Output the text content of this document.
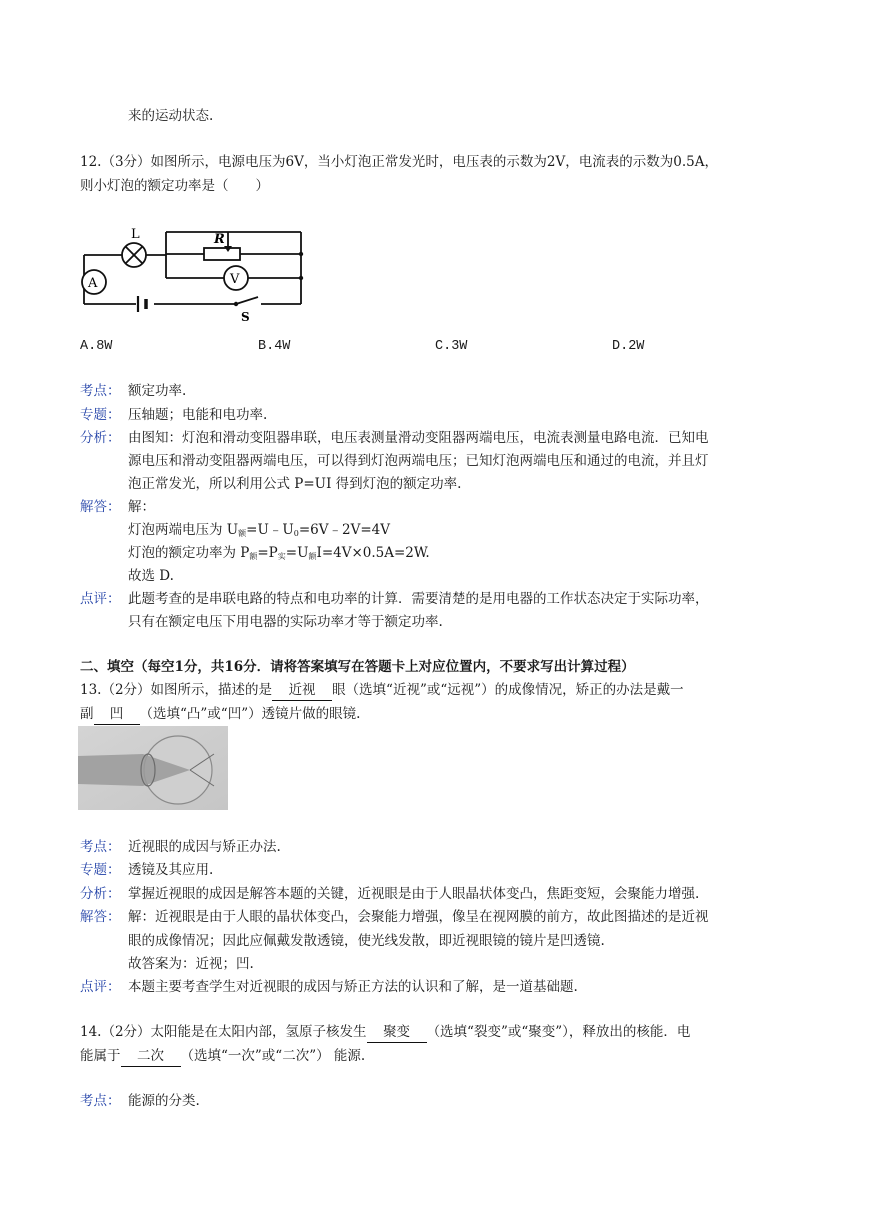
来的运动状态.
12.（3分）如图所示，电源电压为6V，当小灯泡正常发光时，电压表的示数为2V，电流表的示数为0.5A，
则小灯泡的额定功率是（　　）
A
L	R
V
S
A.8W	B.4W	C.3W	D.2W
考点： 额定功率.
专题： 压轴题；电能和电功率.
分析： 由图知：灯泡和滑动变阻器串联，电压表测量滑动变阻器两端电压，电流表测量电路电流．已知电
源电压和滑动变阻器两端电压，可以得到灯泡两端电压；已知灯泡两端电压和通过的电流，并且灯
泡正常发光，所以利用公式 P=UI 得到灯泡的额定功率.
解答： 解：
灯泡两端电压为 $U_额=U﹣U_0=6V﹣2V=4V$
灯泡的额定功率为 $P_额=P_实=U_额I=4V\times 0.5A=2W$.
故选 D.
点评： 此题考查的是串联电路的特点和电功率的计算．需要清楚的是用电器的工作状态决定于实际功率，
只有在额定电压下用电器的实际功率才等于额定功率.
二、填空（每空1分，共16分．请将答案填写在答题卡上对应位置内，不要求写出计算过程）
13.（2分）如图所示，描述的是 近视 眼（选填“近视”或“远视”）的成像情况，矫正的办法是戴一
副 凹 （选填“凸”或“凹”）透镜片做的眼镜.
考点： 近视眼的成因与矫正办法.
专题： 透镜及其应用.
分析： 掌握近视眼的成因是解答本题的关键，近视眼是由于人眼晶状体变凸，焦距变短，会聚能力增强.
解答： 解：近视眼是由于人眼的晶状体变凸，会聚能力增强，像呈在视网膜的前方，故此图描述的是近视
眼的成像情况；因此应佩戴发散透镜，使光线发散，即近视眼镜的镜片是凹透镜.
故答案为：近视；凹.
点评： 本题主要考查学生对近视眼的成因与矫正方法的认识和了解，是一道基础题.
14.（2分）太阳能是在太阳内部，氢原子核发生 聚变 （选填“裂变”或“聚变”），释放出的核能．电
能属于 二次 （选填“一次”或“二次”） 能源.
考点： 能源的分类.
